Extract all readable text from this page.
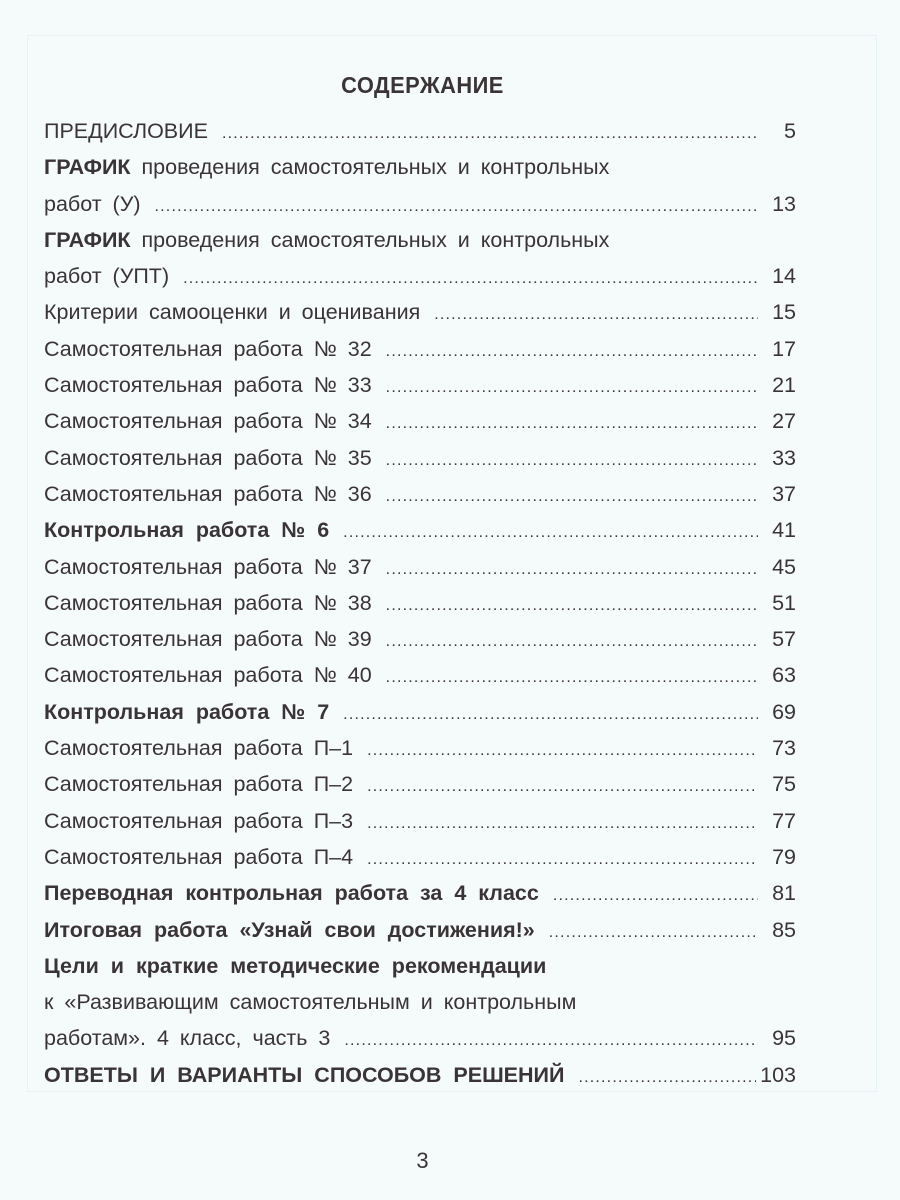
СОДЕРЖАНИЕ
ПРЕДИСЛОВИЕ .....	5
ГРАФИК проведения самостоятельных и контрольных
работ (У) .....	13
ГРАФИК проведения самостоятельных и контрольных
работ (УПТ) .....	14
Критерии самооценки и оценивания .....	15
Самостоятельная работа № 32 .....	17
Самостоятельная работа № 33 .....	21
Самостоятельная работа № 34 .....	27
Самостоятельная работа № 35 .....	33
Самостоятельная работа № 36 .....	37
Контрольная работа № 6 .....	41
Самостоятельная работа № 37 .....	45
Самостоятельная работа № 38 .....	51
Самостоятельная работа № 39 .....	57
Самостоятельная работа № 40 .....	63
Контрольная работа № 7 .....	69
Самостоятельная работа П–1 .....	73
Самостоятельная работа П–2 .....	75
Самостоятельная работа П–3 .....	77
Самостоятельная работа П–4 .....	79
Переводная контрольная работа за 4 класс .....	81
Итоговая работа «Узнай свои достижения!» .....	85
Цели и краткие методические рекомендации
к «Развивающим самостоятельным и контрольным
работам». 4 класс, часть 3 .....	95
ОТВЕТЫ И ВАРИАНТЫ СПОСОБОВ РЕШЕНИЙ .....	103
3
